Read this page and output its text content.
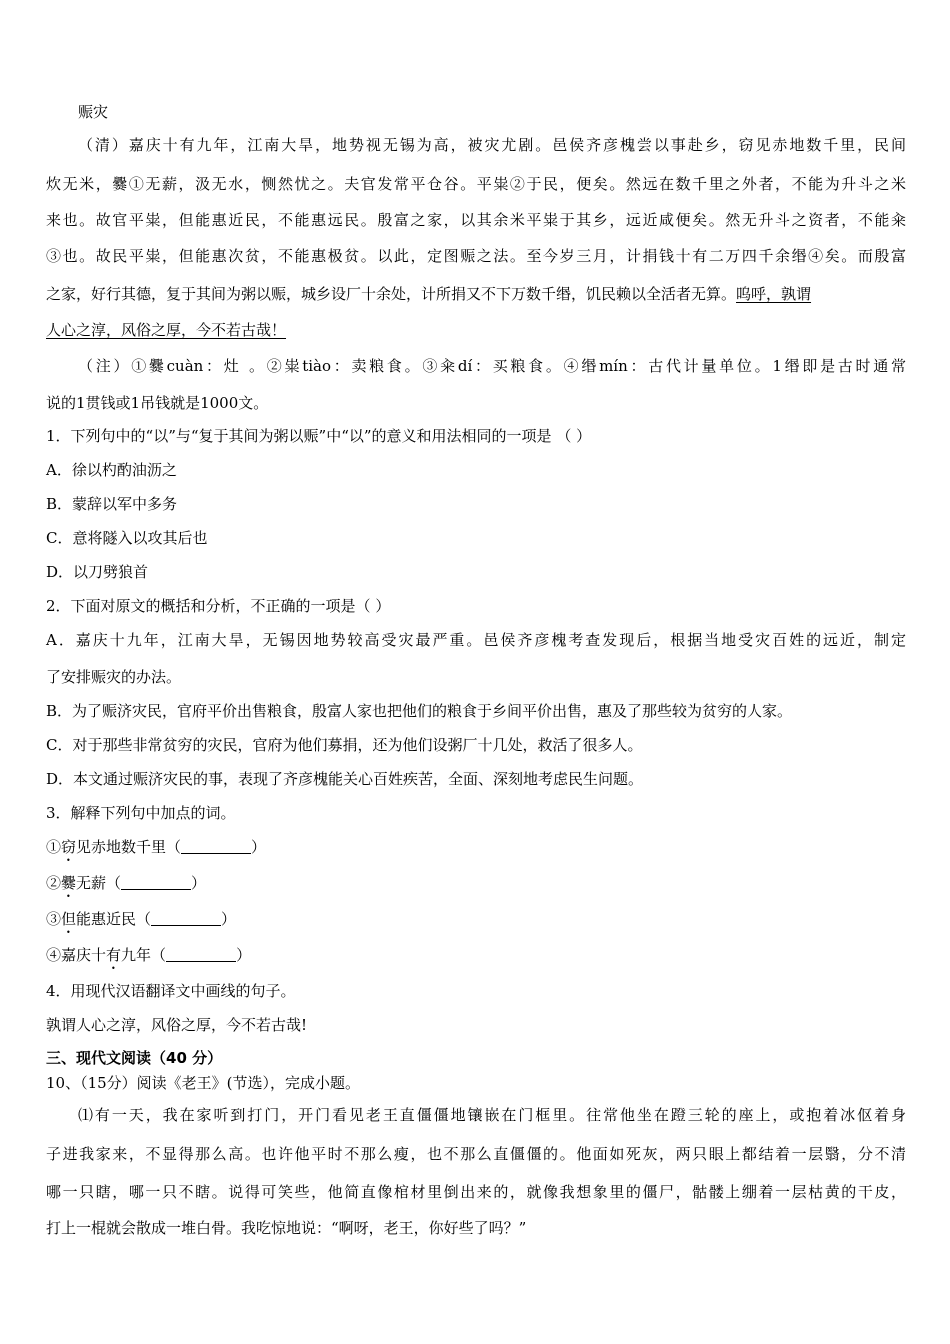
赈灾
（清）嘉庆十有九年，江南大旱，地势视无锡为高，被灾尤剧。邑侯齐彦槐尝以事赴乡，窃见赤地数千里，民间
炊无米，爨①无薪，汲无水，恻然忧之。夫官发常平仓谷。平粜②于民，便矣。然远在数千里之外者，不能为升斗之米
来也。故官平粜，但能惠近民，不能惠远民。殷富之家，以其余米平粜于其乡，远近咸便矣。然无升斗之资者，不能籴
③也。故民平粜，但能惠次贫，不能惠极贫。以此，定图赈之法。至今岁三月，计捐钱十有二万四千余缗④矣。而殷富
之家，好行其德，复于其间为粥以赈，城乡设厂十余处，计所捐又不下万数千缗，饥民赖以全活者无算。呜呼，孰谓
人心之淳，风俗之厚，今不若古哉！
（注）①爨cuàn：灶 。②粜tiào：卖粮食。③籴dí：买粮食。④缗mín：古代计量单位。1缗即是古时通常
说的1贯钱或1吊钱就是1000文。
1．下列句中的“以”与“复于其间为粥以赈”中“以”的意义和用法相同的一项是 （ ）
A．徐以杓酌油沥之
B．蒙辞以军中多务
C．意将隧入以攻其后也
D．以刀劈狼首
2．下面对原文的概括和分析，不正确的一项是（ ）
A．嘉庆十九年，江南大旱，无锡因地势较高受灾最严重。邑侯齐彦槐考查发现后，根据当地受灾百姓的远近，制定
了安排赈灾的办法。
B．为了赈济灾民，官府平价出售粮食，殷富人家也把他们的粮食于乡间平价出售，惠及了那些较为贫穷的人家。
C．对于那些非常贫穷的灾民，官府为他们募捐，还为他们设粥厂十几处，救活了很多人。
D．本文通过赈济灾民的事，表现了齐彦槐能关心百姓疾苦，全面、深刻地考虑民生问题。
3．解释下列句中加点的词。
①窃见赤地数千里（	）
②爨无薪（	）
③但能惠近民（	）
④嘉庆十有九年（	）
4．用现代汉语翻译文中画线的句子。
孰谓人心之淳，风俗之厚，今不若古哉!
三、现代文阅读（40 分）
10、（15分）阅读《老王》(节选），完成小题。
⑴有一天，我在家听到打门，开门看见老王直僵僵地镶嵌在门框里。往常他坐在蹬三轮的座上，或抱着冰伛着身
子进我家来，不显得那么高。也许他平时不那么瘦，也不那么直僵僵的。他面如死灰，两只眼上都结着一层翳，分不清
哪一只瞎，哪一只不瞎。说得可笑些，他简直像棺材里倒出来的，就像我想象里的僵尸，骷髅上绷着一层枯黄的干皮，
打上一棍就会散成一堆白骨。我吃惊地说：“啊呀，老王，你好些了吗？”
